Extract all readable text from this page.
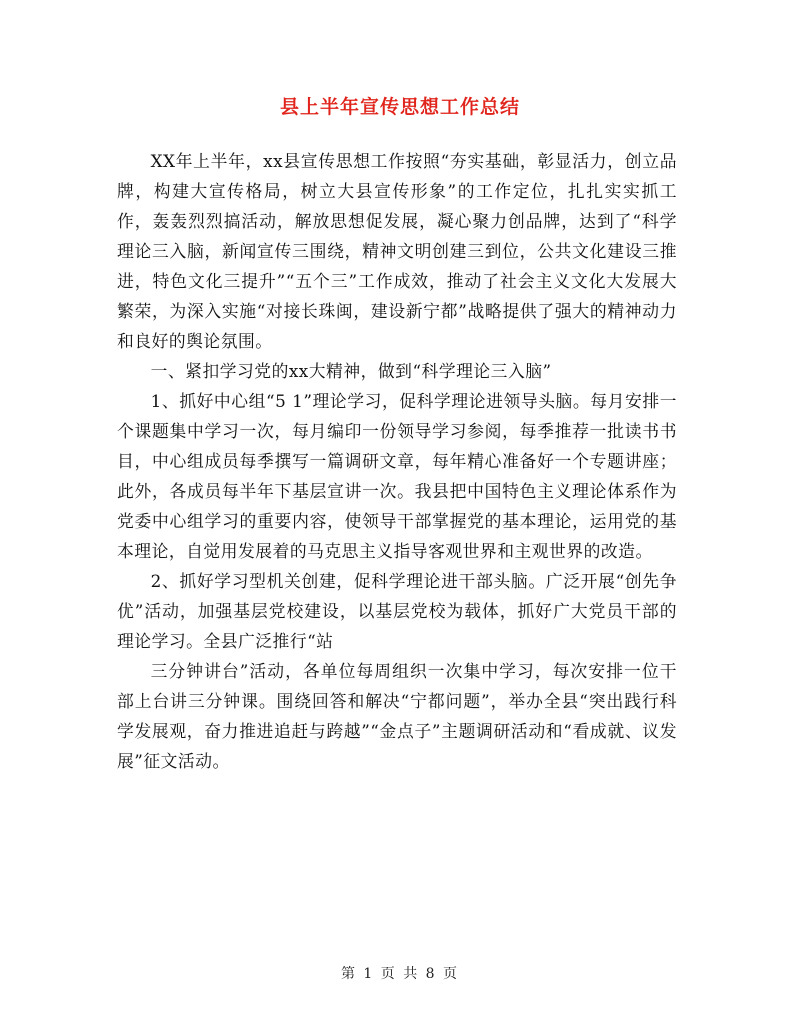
县上半年宣传思想工作总结

XX年上半年，xx县宣传思想工作按照“夯实基础，彰显活力，创立品牌，构建大宣传格局，树立大县宣传形象”的工作定位，扎扎实实抓工作，轰轰烈烈搞活动，解放思想促发展，凝心聚力创品牌，达到了“科学理论三入脑，新闻宣传三围绕，精神文明创建三到位，公共文化建设三推进，特色文化三提升”“五个三”工作成效，推动了社会主义文化大发展大繁荣，为深入实施“对接长珠闽，建设新宁都”战略提供了强大的精神动力和良好的舆论氛围。

一、紧扣学习党的xx大精神，做到“科学理论三入脑”

1、抓好中心组“5 1”理论学习，促科学理论进领导头脑。每月安排一个课题集中学习一次，每月编印一份领导学习参阅，每季推荐一批读书书目，中心组成员每季撰写一篇调研文章，每年精心准备好一个专题讲座；此外，各成员每半年下基层宣讲一次。我县把中国特色主义理论体系作为党委中心组学习的重要内容，使领导干部掌握党的基本理论，运用党的基本理论，自觉用发展着的马克思主义指导客观世界和主观世界的改造。

2、抓好学习型机关创建，促科学理论进干部头脑。广泛开展“创先争优”活动，加强基层党校建设，以基层党校为载体，抓好广大党员干部的理论学习。全县广泛推行“站

三分钟讲台”活动，各单位每周组织一次集中学习，每次安排一位干部上台讲三分钟课。围绕回答和解决“宁都问题”，举办全县“突出践行科学发展观，奋力推进追赶与跨越”“金点子”主题调研活动和“看成就、议发展”征文活动。

第 1 页 共 8 页
